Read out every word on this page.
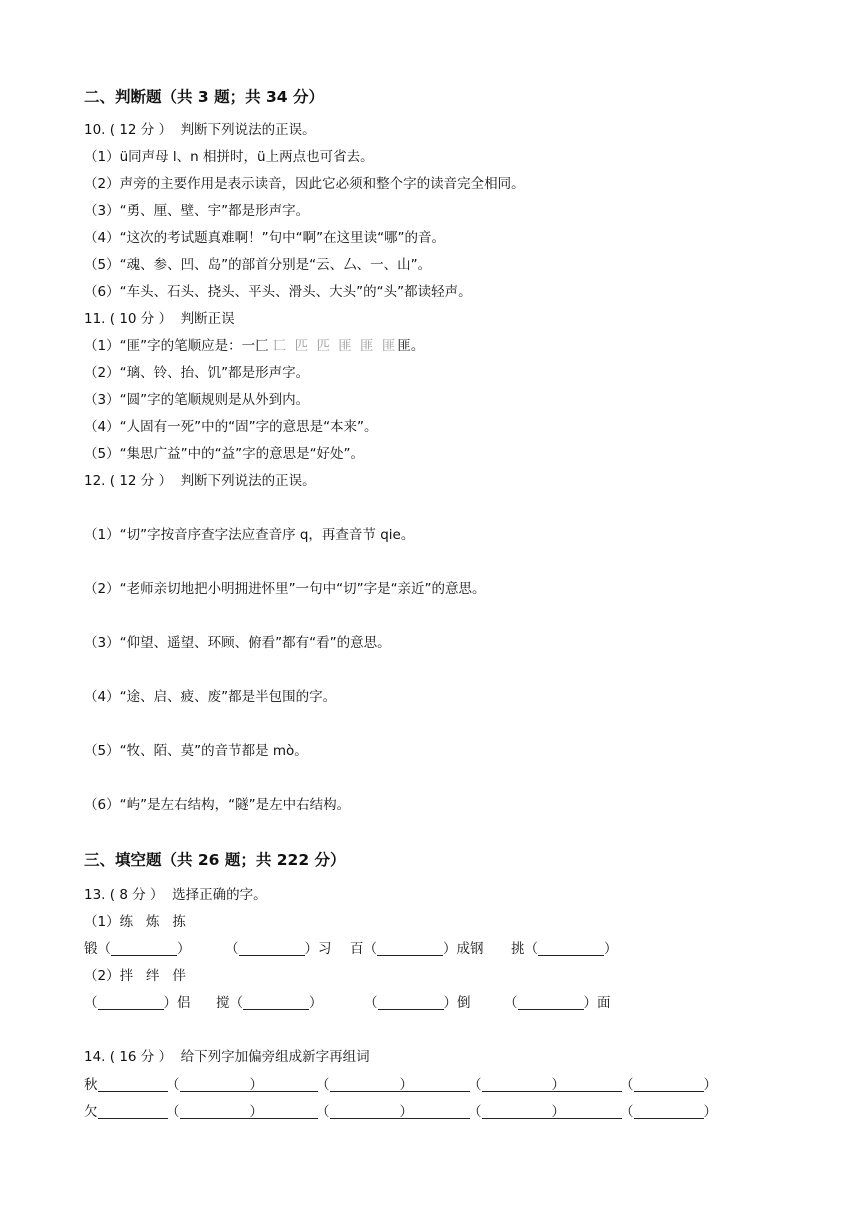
二、判断题（共 3 题；共 34 分）
10. ( 12 分 ）  判断下列说法的正误。
（1）ü同声母 l、n 相拼时，ü上两点也可省去。
（2）声旁的主要作用是表示读音，因此它必须和整个字的读音完全相同。
（3）“勇、厘、壁、宇”都是形声字。
（4）“这次的考试题真难啊！”句中“啊”在这里读“哪”的音。
（5）“魂、参、凹、岛”的部首分别是“云、厶、一、山”。
（6）“车头、石头、挠头、平头、滑头、大头”的“头”都读轻声。
11. ( 10 分 ）  判断正误
（1）“匪”字的笔顺应是：一匚 匸 匹 匹 匪 匪 匪匪。
（2）“璃、铃、抬、饥”都是形声字。
（3）“圆”字的笔顺规则是从外到内。
（4）“人固有一死”中的“固”字的意思是“本来”。
（5）“集思广益”中的“益”字的意思是“好处”。
12. ( 12 分 ）  判断下列说法的正误。
（1）“切”字按音序查字法应查音序 q，再查音节 qie。
（2）“老师亲切地把小明拥进怀里”一句中“切”字是“亲近”的意思。
（3）“仰望、遥望、环顾、俯看”都有“看”的意思。
（4）“途、启、疲、废”都是半包围的字。
（5）“牧、陌、莫”的音节都是 mò。
（6）“屿”是左右结构，“隧”是左中右结构。
三、填空题（共 26 题；共 222 分）
13. ( 8 分 ）  选择正确的字。
（1）练   炼   拣
锻（	）	（	）习 百（	）成钢 挑（	）
（2）拌   绊   伴
（	）侣 搅（	）	（	）倒 （	）面
14. ( 16 分 ）  给下列字加偏旁组成新字再组词
秋	（	）	（	）	（	）	（	）
欠	（	）	（	）	（	）	（	）
